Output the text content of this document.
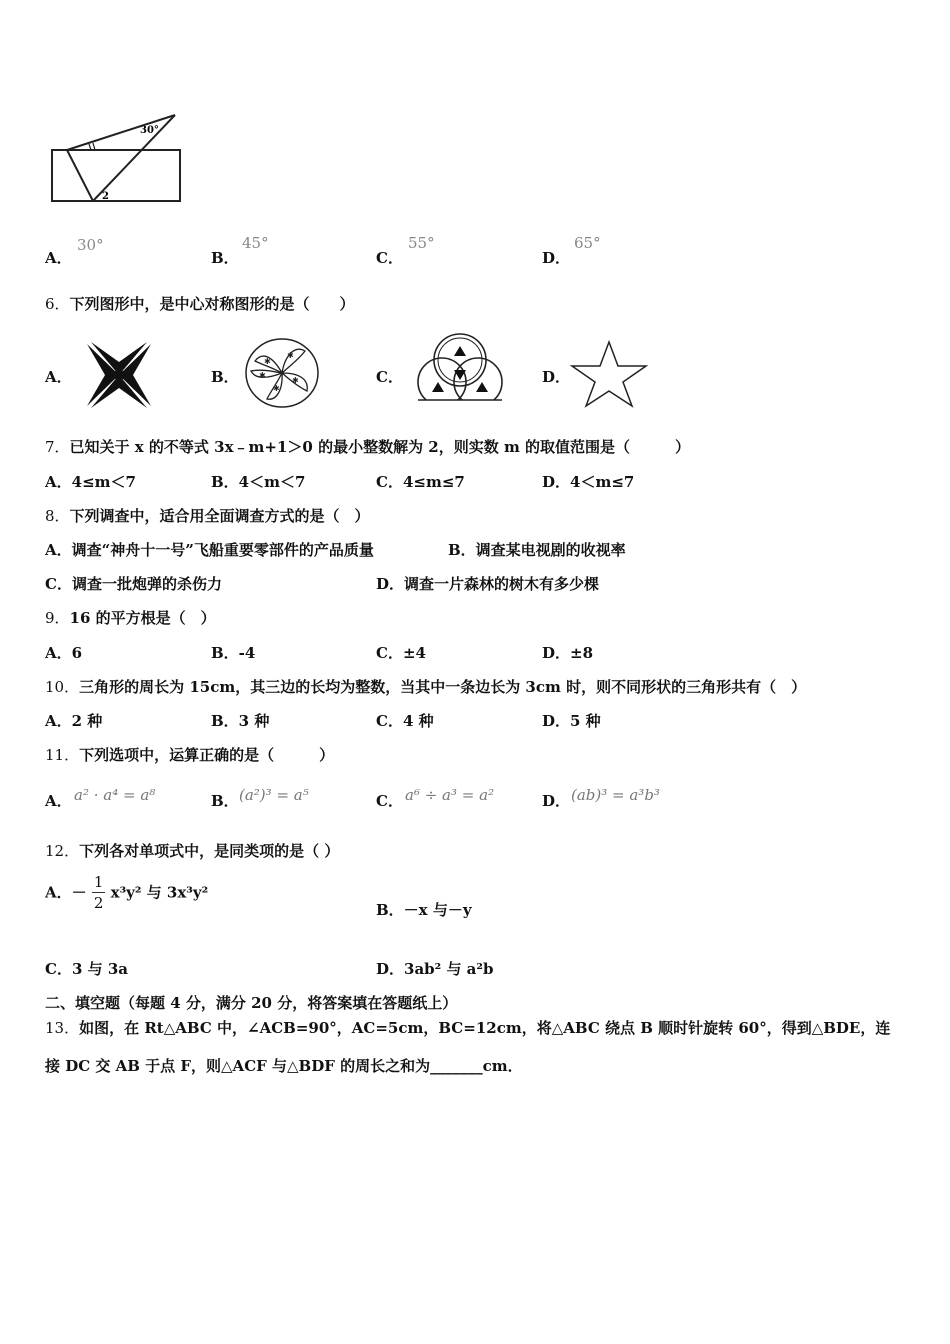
30°
2
A．
30°
B．
45°
C．
55°
D．
65°
6．下列图形中，是中心对称图形的是（　　）
A．	B．
✱
✱
✱
✱
✱	C．	D．
7．已知关于 x 的不等式 3x﹣m+1＞0 的最小整数解为 2，则实数 m 的取值范围是（　　　）
A．4≤m＜7	B．4＜m＜7	C．4≤m≤7	D．4＜m≤7
8．下列调查中，适合用全面调查方式的是（　）
A．调查“神舟十一号”飞船重要零部件的产品质量	B．调查某电视剧的收视率
C．调查一批炮弹的杀伤力	D．调查一片森林的树木有多少棵
9．16 的平方根是（　）
A．6	B．-4	C．±4	D．±8
10．三角形的周长为 15cm，其三边的长均为整数，当其中一条边长为 3cm 时，则不同形状的三角形共有（　）
A．2 种	B．3 种	C．4 种	D．5 种
11．下列选项中，运算正确的是（　　　）
A． a² · a⁴ = a⁸	B． (a²)³ = a⁵	C． a⁶ ÷ a³ = a²	D． (ab)³ = a³b³
12．下列各对单项式中，是同类项的是（ ）
A．－ $\frac{1}{2} x^3y^2$ 与 3x³y²
B．－x 与－y
C．3 与 3a	D．3ab² 与 a²b
二、填空题（每题 4 分，满分 20 分，将答案填在答题纸上）
13．如图，在 Rt△ABC 中，∠ACB=90°，AC=5cm，BC=12cm，将△ABC 绕点 B 顺时针旋转 60°，得到△BDE，连
接 DC 交 AB 于点 F，则△ACF 与△BDF 的周长之和为_______cm．
